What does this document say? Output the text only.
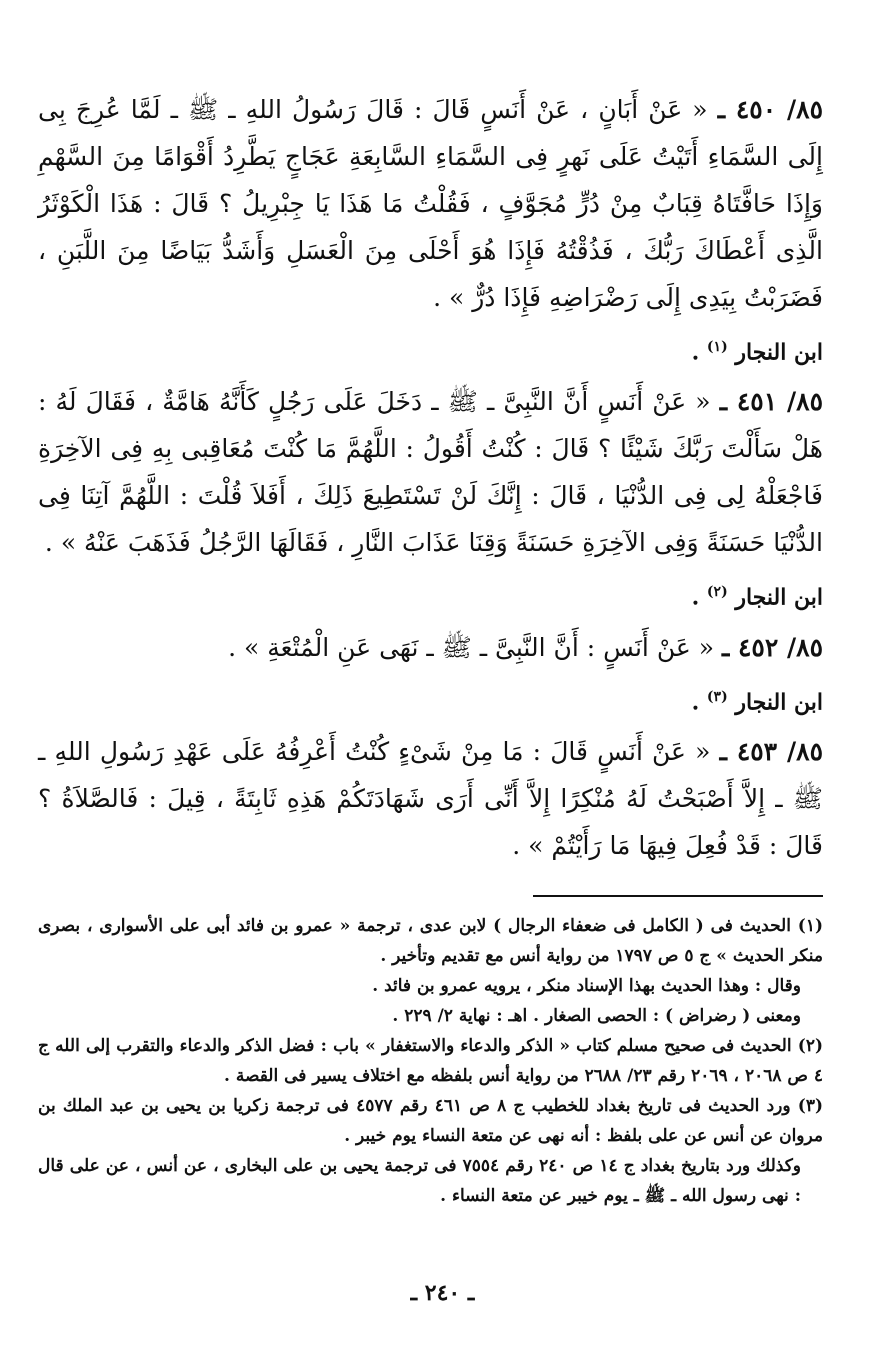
٨٥/ ٤٥٠ ـ « عَنْ أَبَانٍ ، عَنْ أَنَسٍ قَالَ : قَالَ رَسُولُ اللهِ ـ ﷺ ـ لَمَّا عُرِجَ بِى إِلَى السَّمَاءِ أَتَيْتُ عَلَى نَهرٍ فِى السَّمَاءِ السَّابِعَةِ عَجَاجٍ يَطَّرِدُ أَقْوَامًا مِنَ السَّهْمِ وَإِذَا حَافَّتَاهُ قِبَابٌ مِنْ دُرٍّ مُجَوَّفٍ ، فَقُلْتُ مَا هَذَا يَا جِبْرِيلُ ؟ قَالَ : هَذَا الْكَوْثَرُ الَّذِى أَعْطَاكَ رَبُّكَ ، فَذُقْتُهُ فَإِذَا هُوَ أَحْلَى مِنَ الْعَسَلِ وَأَشَدُّ بَيَاضًا مِنَ اللَّبَنِ ، فَضَرَبْتُ بِيَدِى إِلَى رَضْرَاضِهِ فَإِذَا دُرٌّ » .

ابن النجار $^{(١)}$ .

٨٥/ ٤٥١ ـ « عَنْ أَنَسٍ أَنَّ النَّبِىَّ ـ ﷺ ـ دَخَلَ عَلَى رَجُلٍ كَأَنَّهُ هَامَّةٌ ، فَقَالَ لَهُ : هَلْ سَأَلْتَ رَبَّكَ شَيْئًا ؟ قَالَ : كُنْتُ أَقُولُ : اللَّهُمَّ مَا كُنْتَ مُعَاقِبى بِهِ فِى الآخِرَةِ فَاجْعَلْهُ لِى فِى الدُّنْيَا ، قَالَ : إِنَّكَ لَنْ تَسْتَطِيعَ ذَلِكَ ، أَفَلاَ قُلْتَ : اللَّهُمَّ آتِنَا فِى الدُّنْيَا حَسَنَةً وَفِى الآخِرَةِ حَسَنَةً وَقِنَا عَذَابَ النَّارِ ، فَقَالَهَا الرَّجُلُ فَذَهَبَ عَنْهُ » .

ابن النجار $^{(٢)}$ .

٨٥/ ٤٥٢ ـ « عَنْ أَنَسٍ : أَنَّ النَّبِىَّ ـ ﷺ ـ نَهَى عَنِ الْمُتْعَةِ » .

ابن النجار $^{(٣)}$ .

٨٥/ ٤٥٣ ـ « عَنْ أَنَسٍ قَالَ : مَا مِنْ شَىْءٍ كُنْتُ أَعْرِفُهُ عَلَى عَهْدِ رَسُولِ اللهِ ـ ﷺ ـ إِلاَّ أَصْبَحْتُ لَهُ مُنْكِرًا إِلاَّ أَنِّى أَرَى شَهَادَتَكُمْ هَذِهِ ثَابِتَةً ، قِيلَ : فَالصَّلاَةُ ؟ قَالَ : قَدْ فُعِلَ فِيهَا مَا رَأَيْتُمْ » .

(١) الحديث فى ( الكامل فى ضعفاء الرجال ) لابن عدى ، ترجمة « عمرو بن فائد أبى على الأسوارى ، بصرى منكر الحديث » ج ٥ ص ١٧٩٧ من رواية أنس مع تقديم وتأخير .

وقال : وهذا الحديث بهذا الإسناد منكر ، يرويه عمرو بن فائد .

ومعنى ( رضراض ) : الحصى الصغار . اهـ : نهاية ٢/ ٢٢٩ .

(٢) الحديث فى صحيح مسلم كتاب « الذكر والدعاء والاستغفار » باب : فضل الذكر والدعاء والتقرب إلى الله ج ٤ ص ٢٠٦٨ ، ٢٠٦٩ رقم ٢٣/ ٢٦٨٨ من رواية أنس بلفظه مع اختلاف يسير فى القصة .

(٣) ورد الحديث فى تاريخ بغداد للخطيب ج ٨ ص ٤٦١ رقم ٤٥٧٧ فى ترجمة زكريا بن يحيى بن عبد الملك بن مروان عن أنس عن على بلفظ : أنه نهى عن متعة النساء يوم خيبر .

وكذلك ورد بتاريخ بغداد ج ١٤ ص ٢٤٠ رقم ٧٥٥٤ فى ترجمة يحيى بن على البخارى ، عن أنس ، عن على قال : نهى رسول الله ـ ﷺ ـ يوم خيبر عن متعة النساء .

ـ ٢٤٠ ـ
